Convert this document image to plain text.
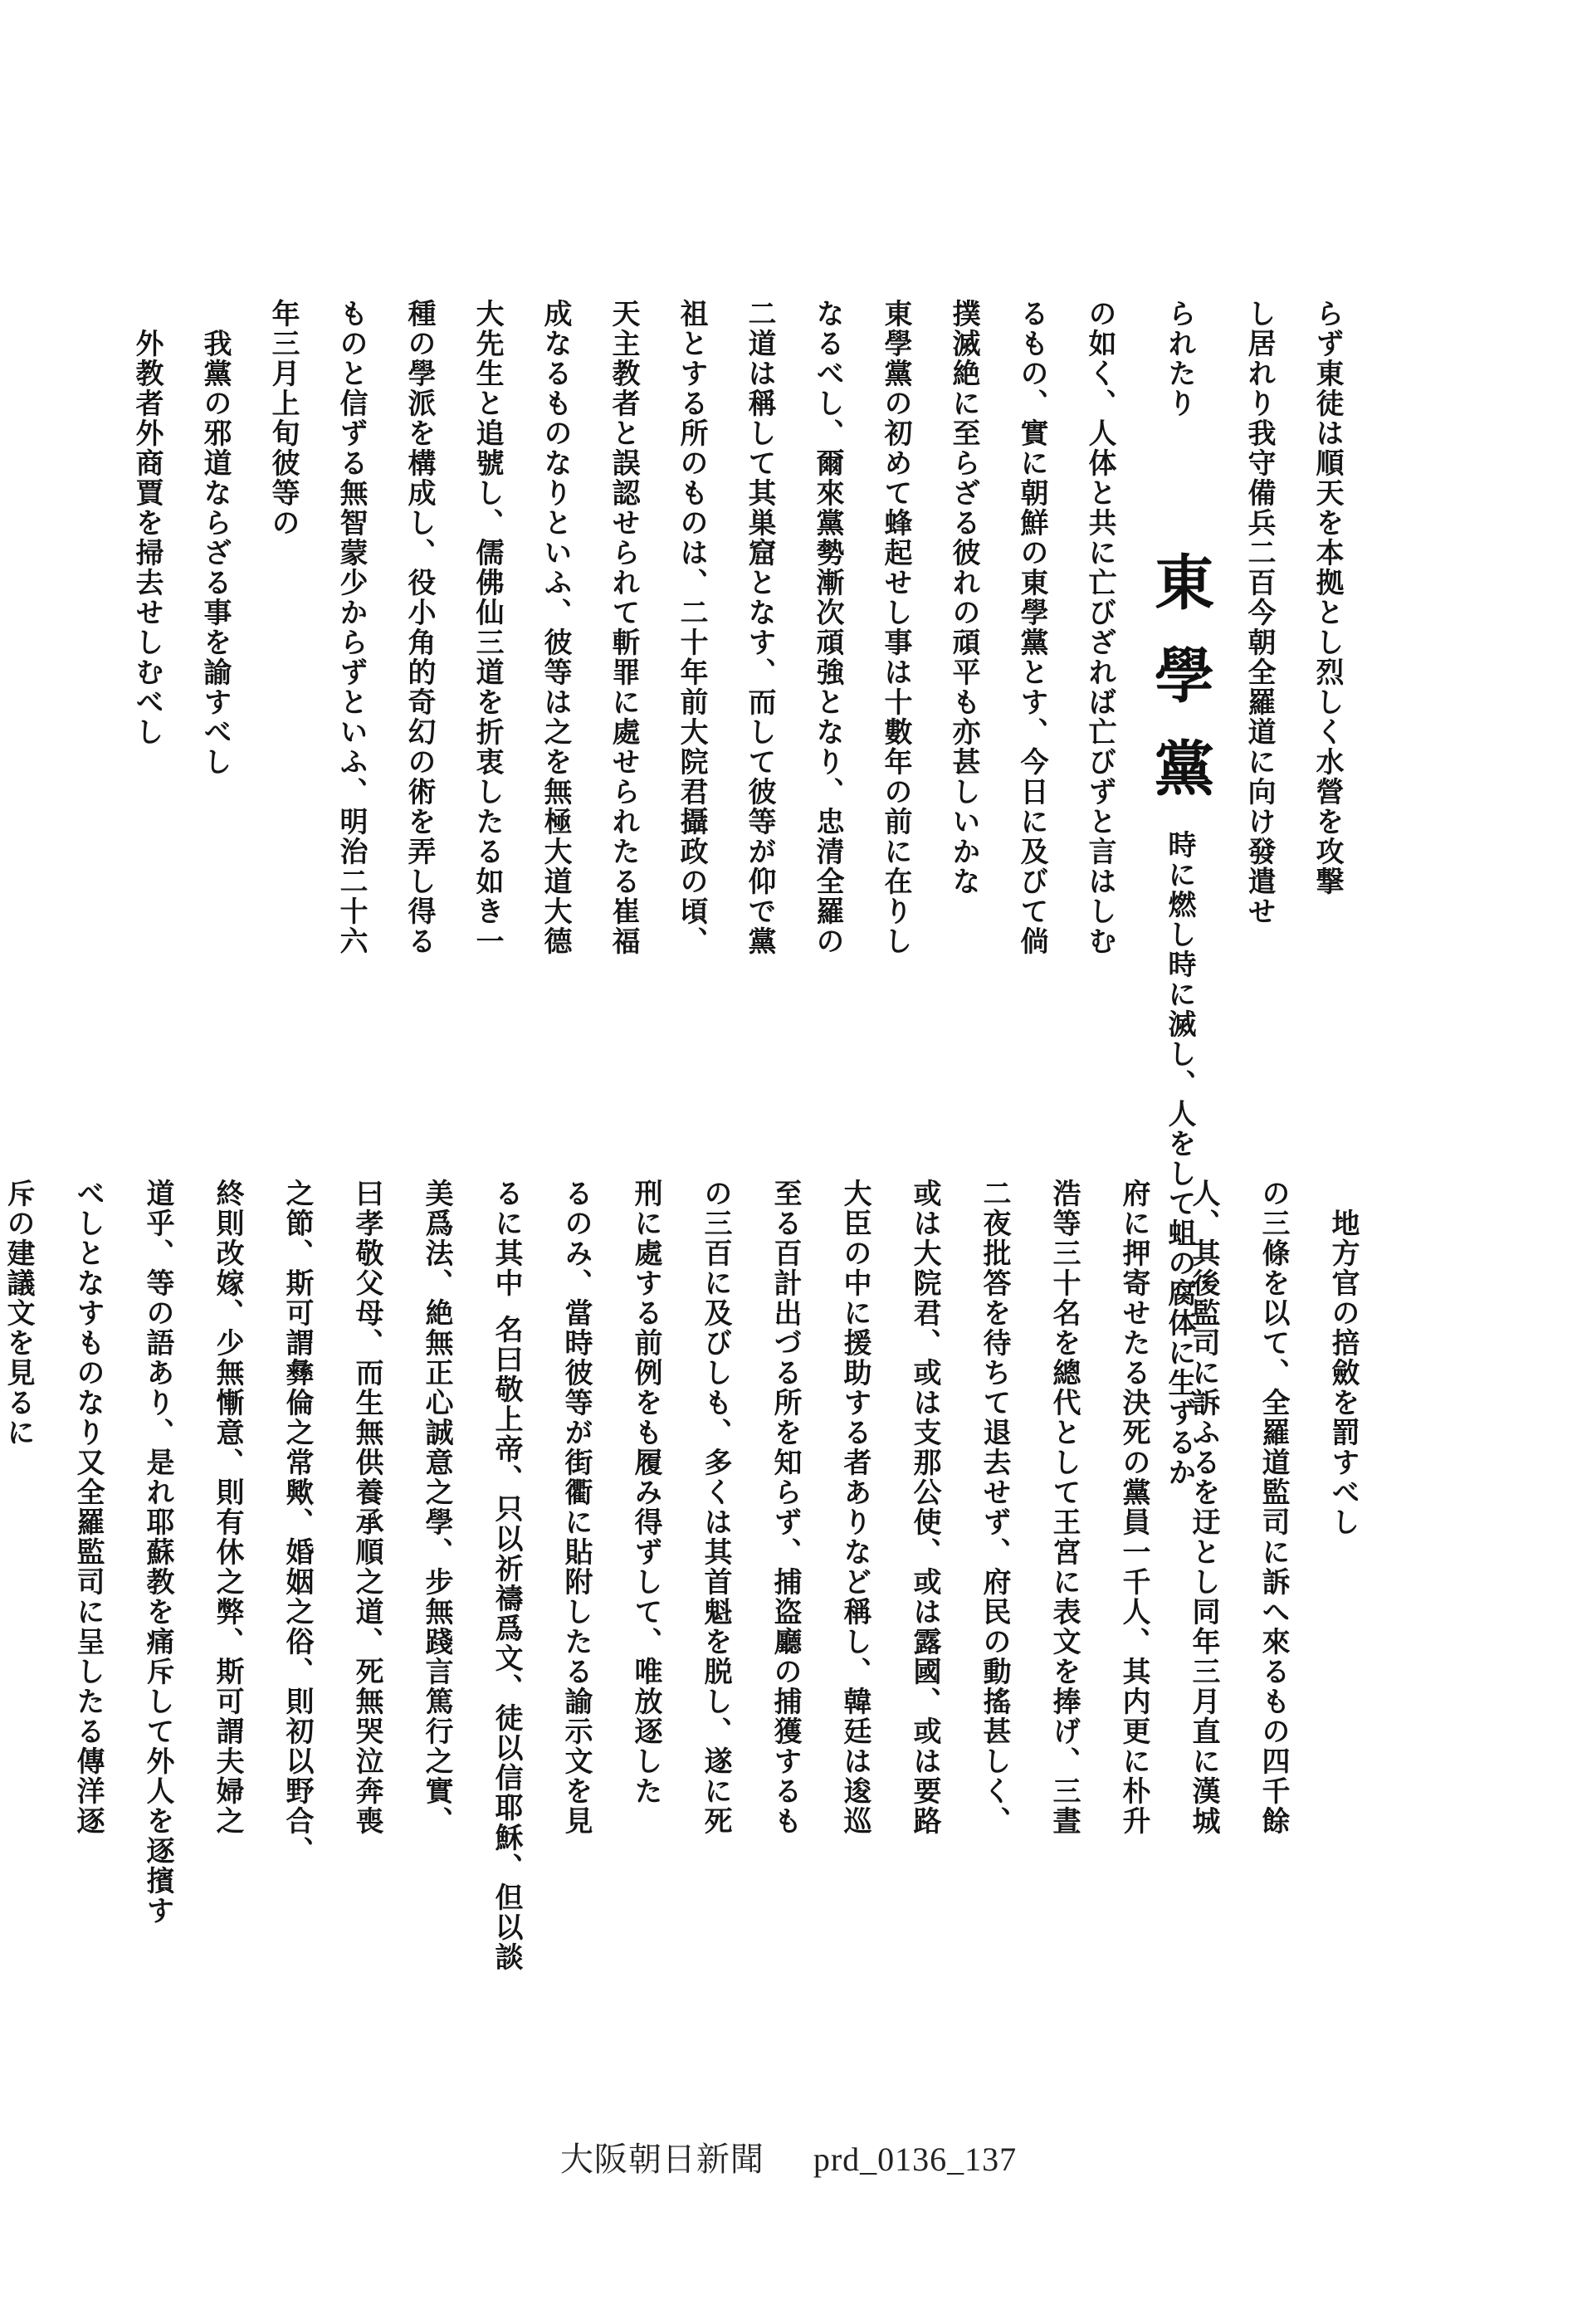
らず東徒は順天を本拠とし烈しく水營を攻撃
し居れり我守備兵二百今朝全羅道に向け發遣せ
られたり東學黨時に燃し時に滅し、人をして蛆の腐体に生ずるか
の如く、人体と共に亡びざれば亡びずと言はしむ
るもの、實に朝鮮の東學黨とす、今日に及びて倘
撲滅絶に至らざる彼れの頑平も亦甚しいかな
東學黨の初めて蜂起せし事は十數年の前に在りし
なるべし、爾來黨勢漸次頑強となり、忠清全羅の
二道は稱して其巣窟となす、而して彼等が仰で黨
祖とする所のものは、二十年前大院君攝政の頃、
天主教者と誤認せられて斬罪に處せられたる崔福
成なるものなりといふ、彼等は之を無極大道大德
大先生と追號し、儒佛仙三道を折衷したる如き一
種の學派を構成し、役小角的奇幻の術を弄し得る
ものと信ずる無智蒙少からずといふ、明治二十六
年三月上旬彼等の
　我黨の邪道ならざる事を諭すべし
　外教者外商賈を掃去せしむべし
　地方官の掊斂を罰すべし
の三條を以て、全羅道監司に訴へ來るもの四千餘
人、其後監司に訴ふるを迂とし同年三月直に漢城
府に押寄せたる決死の黨員一千人、其内更に朴升
浩等三十名を總代として王宮に表文を捧げ、三晝
二夜批答を待ちて退去せず、府民の動搖甚しく、
或は大院君、或は支那公使、或は露國、或は要路
大臣の中に援助する者ありなど稱し、韓廷は逡巡
至る百計出づる所を知らず、捕盗廳の捕獲するも
の三百に及びしも、多くは其首魁を脱し、遂に死
刑に處する前例をも履み得ずして、唯放逐した
るのみ、當時彼等が街衢に貼附したる諭示文を見
るに其中名曰敬上帝、只以祈禱爲文、徒以信耶穌、但以談
美爲法、絶無正心誠意之學、步無踐言篤行之實、
曰孝敬父母、而生無供養承順之道、死無哭泣奔喪
之節、斯可謂彝倫之常歟、婚姻之俗、則初以野合、
終則改嫁、少無慚意、則有休之弊、斯可謂夫婦之
道乎、等の語あり、是れ耶蘇教を痛斥して外人を逐擯す
べしとなすものなり又全羅監司に呈したる傳洋逐
斥の建議文を見るに
大阪朝日新聞 prd_0136_137
